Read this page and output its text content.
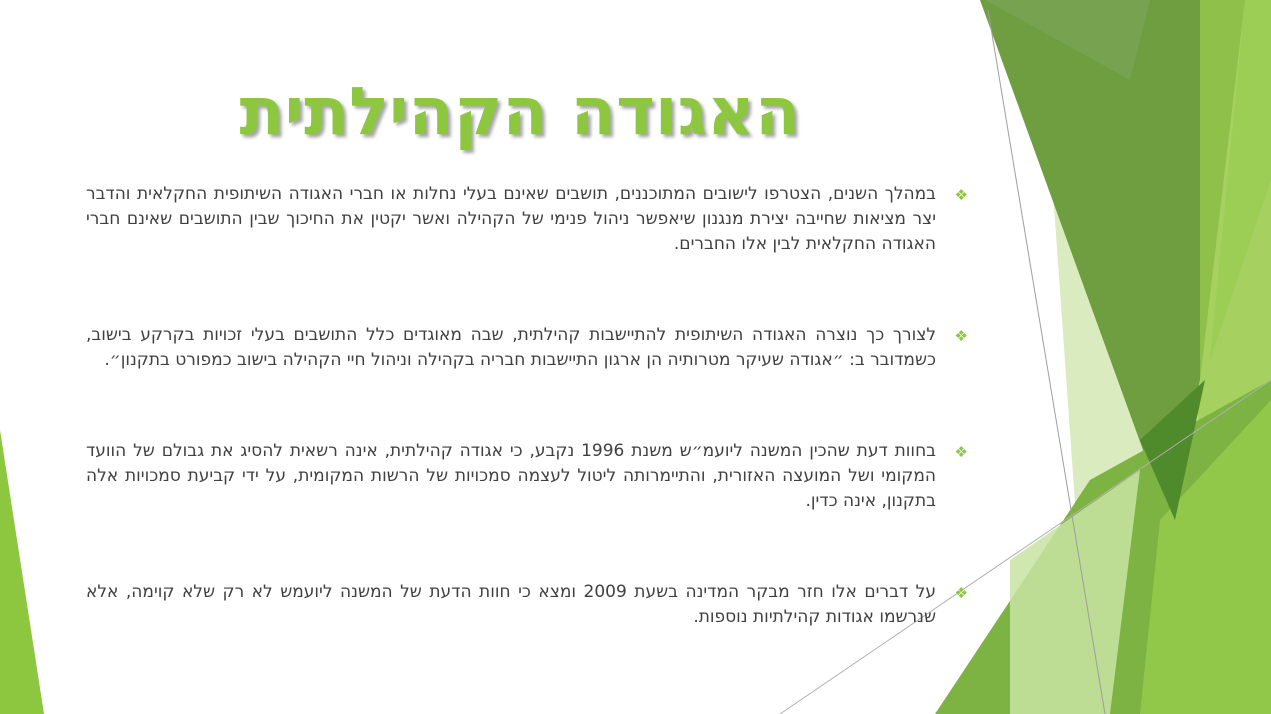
האגודה הקהילתית

❖
במהלך השנים, הצטרפו לישובים המתוכננים, תושבים שאינם בעלי נחלות או חברי האגודה השיתופית החקלאית והדבר יצר מציאות שחייבה יצירת מנגנון שיאפשר ניהול פנימי של הקהילה ואשר יקטין את החיכוך שבין התושבים שאינם חברי האגודה החקלאית לבין אלו החברים.

❖
לצורך כך נוצרה האגודה השיתופית להתיישבות קהילתית, שבה מאוגדים כלל התושבים בעלי זכויות בקרקע בישוב, כשמדובר ב: ״אגודה שעיקר מטרותיה הן ארגון התיישבות חבריה בקהילה וניהול חיי הקהילה בישוב כמפורט בתקנון״.

❖
בחוות דעת שהכין המשנה ליועמ״ש משנת 1996 נקבע, כי אגודה קהילתית, אינה רשאית להסיג את גבולם של הוועד המקומי ושל המועצה האזורית, והתיימרותה ליטול לעצמה סמכויות של הרשות המקומית, על ידי קביעת סמכויות אלה בתקנון, אינה כדין.

❖
על דברים אלו חזר מבקר המדינה בשעת 2009 ומצא כי חוות הדעת של המשנה ליועמש לא רק שלא קוימה, אלא שנרשמו אגודות קהילתיות נוספות.
